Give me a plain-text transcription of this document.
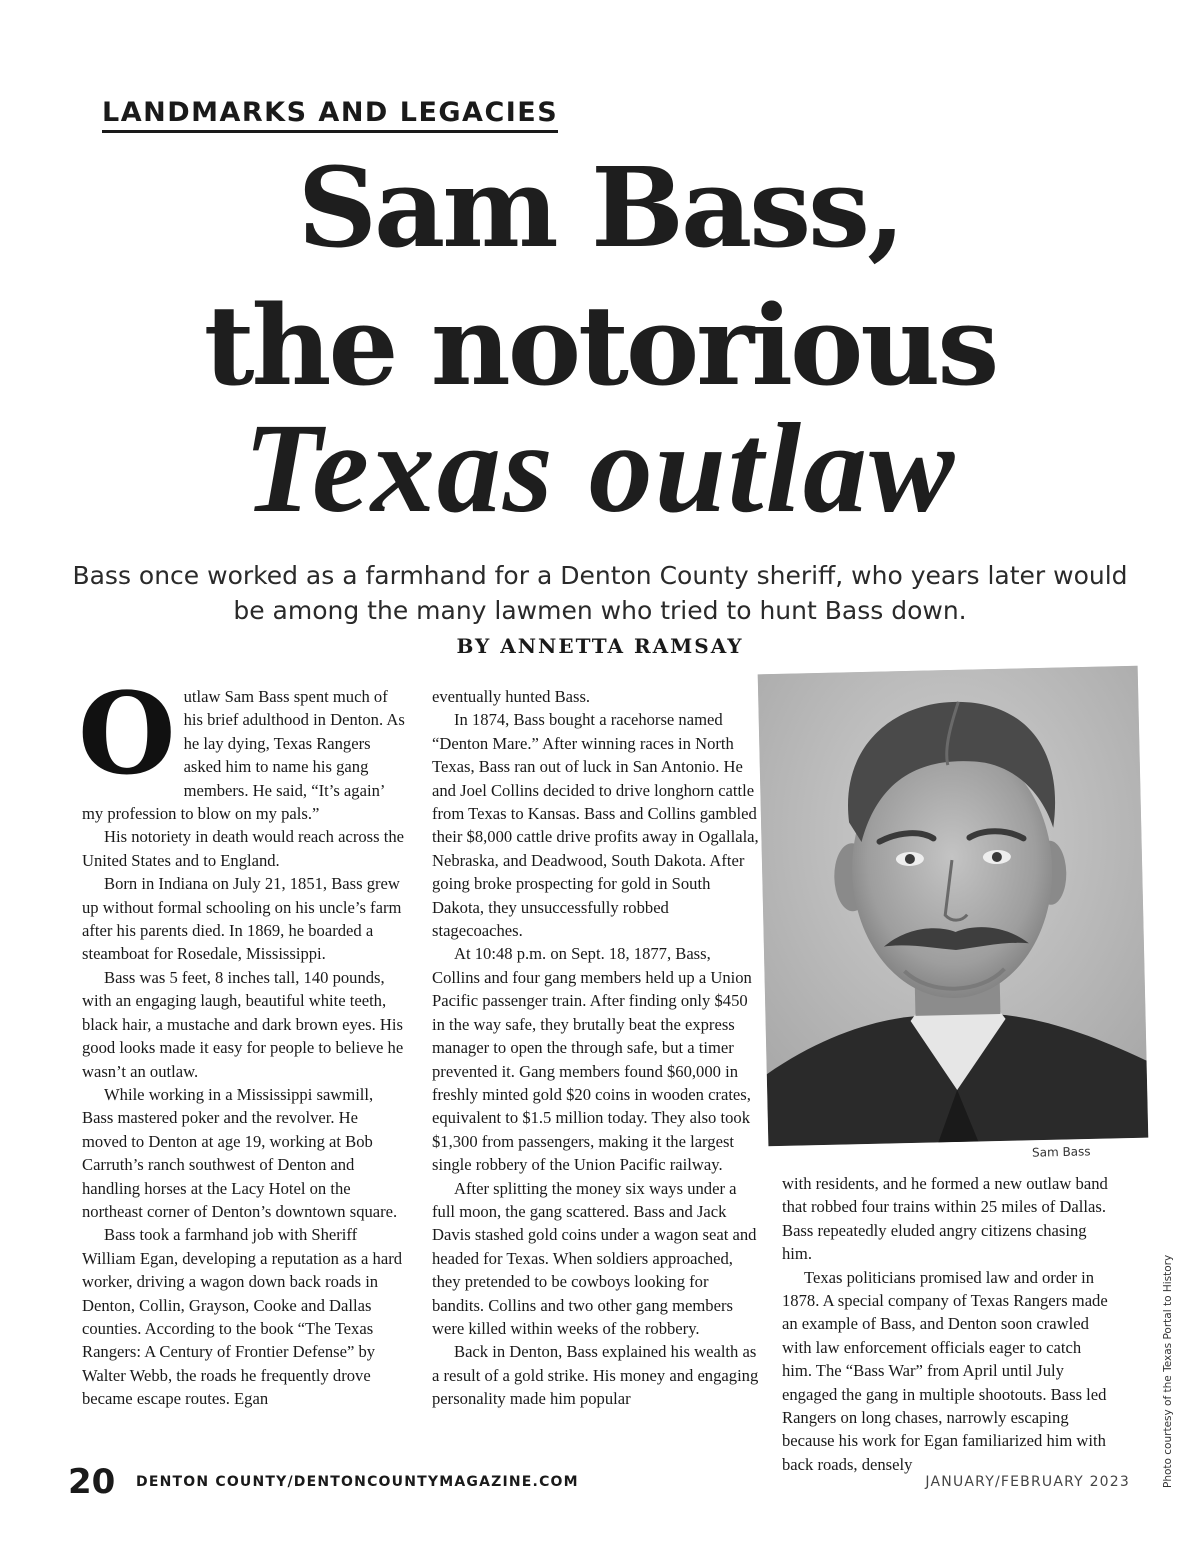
LANDMARKS AND LEGACIES
Sam Bass,
the notorious
Texas outlaw
Bass once worked as a farmhand for a Denton County sheriff, who years later would be among the many lawmen who tried to hunt Bass down.
BY ANNETTA RAMSAY

Outlaw Sam Bass spent much of his brief adulthood in Denton. As he lay dying, Texas Rangers asked him to name his gang members. He said, “It’s again’ my profession to blow on my pals.”

His notoriety in death would reach across the United States and to England.

Born in Indiana on July 21, 1851, Bass grew up without formal schooling on his uncle’s farm after his parents died. In 1869, he boarded a steamboat for Rosedale, Mississippi.

Bass was 5 feet, 8 inches tall, 140 pounds, with an engaging laugh, beautiful white teeth, black hair, a mustache and dark brown eyes. His good looks made it easy for people to believe he wasn’t an outlaw.

While working in a Mississippi sawmill, Bass mastered poker and the revolver. He moved to Denton at age 19, working at Bob Carruth’s ranch southwest of Denton and handling horses at the Lacy Hotel on the northeast corner of Denton’s downtown square.

Bass took a farmhand job with Sheriff William Egan, developing a reputation as a hard worker, driving a wagon down back roads in Denton, Collin, Grayson, Cooke and Dallas counties. According to the book “The Texas Rangers: A Century of Frontier Defense” by Walter Webb, the roads he frequently drove became escape routes. Egan

eventually hunted Bass.

In 1874, Bass bought a racehorse named “Denton Mare.” After winning races in North Texas, Bass ran out of luck in San Antonio. He and Joel Collins decided to drive longhorn cattle from Texas to Kansas. Bass and Collins gambled their $8,000 cattle drive profits away in Ogallala, Nebraska, and Deadwood, South Dakota. After going broke prospecting for gold in South Dakota, they unsuccessfully robbed stagecoaches.

At 10:48 p.m. on Sept. 18, 1877, Bass, Collins and four gang members held up a Union Pacific passenger train. After finding only $450 in the way safe, they brutally beat the express manager to open the through safe, but a timer prevented it. Gang members found $60,000 in freshly minted gold $20 coins in wooden crates, equivalent to $1.5 million today. They also took $1,300 from passengers, making it the largest single robbery of the Union Pacific railway.

After splitting the money six ways under a full moon, the gang scattered. Bass and Jack Davis stashed gold coins under a wagon seat and headed for Texas. When soldiers approached, they pretended to be cowboys looking for bandits. Collins and two other gang members were killed within weeks of the robbery.

Back in Denton, Bass explained his wealth as a result of a gold strike. His money and engaging personality made him popular

Sam Bass
Photo courtesy of the Texas Portal to History

with residents, and he formed a new outlaw band that robbed four trains within 25 miles of Dallas. Bass repeatedly eluded angry citizens chasing him.

Texas politicians promised law and order in 1878. A special company of Texas Rangers made an example of Bass, and Denton soon crawled with law enforcement officials eager to catch him. The “Bass War” from April until July engaged the gang in multiple shootouts. Bass led Rangers on long chases, narrowly escaping because his work for Egan familiarized him with back roads, densely

20 DENTON COUNTY/DENTONCOUNTYMAGAZINE.COM	JANUARY/FEBRUARY 2023
